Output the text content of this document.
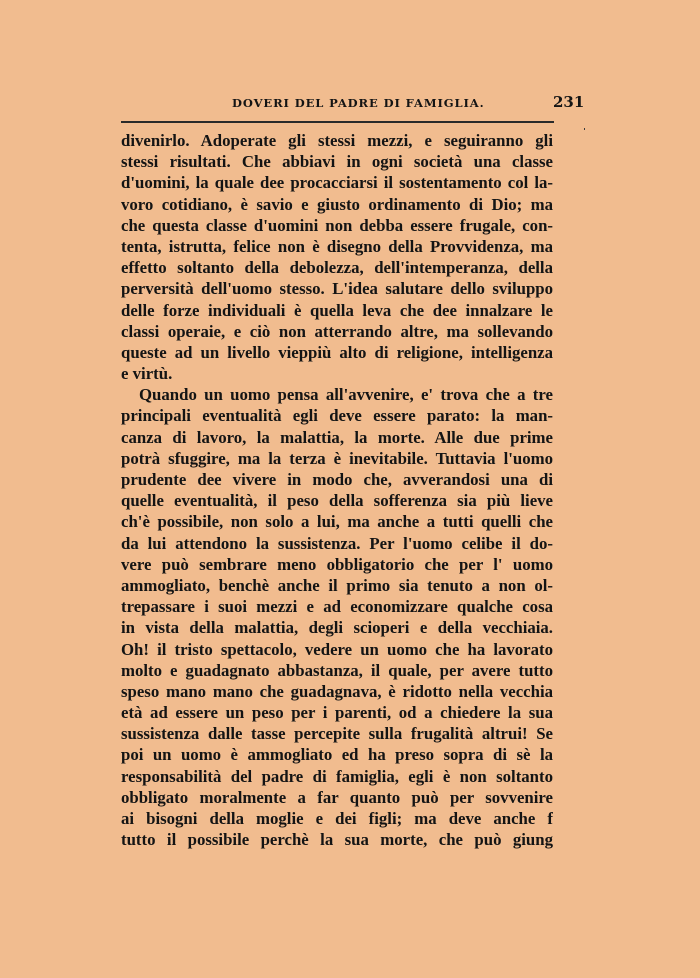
DOVERI DEL PADRE DI FAMIGLIA.	231
divenirlo. Adoperate gli stessi mezzi, e seguiranno gli
stessi risultati. Che abbiavi in ogni società una classe
d'uomini, la quale dee procacciarsi il sostentamento col la-
voro cotidiano, è savio e giusto ordinamento di Dio; ma
che questa classe d'uomini non debba essere frugale, con-
tenta, istrutta, felice non è disegno della Provvidenza, ma
effetto soltanto della debolezza, dell'intemperanza, della
perversità dell'uomo stesso. L'idea salutare dello sviluppo
delle forze individuali è quella leva che dee innalzare le
classi operaie, e ciò non atterrando altre, ma sollevando
queste ad un livello vieppiù alto di religione, intelligenza
e virtù.
Quando un uomo pensa all'avvenire, e' trova che a tre
principali eventualità egli deve essere parato: la man-
canza di lavoro, la malattia, la morte. Alle due prime
potrà sfuggire, ma la terza è inevitabile. Tuttavia l'uomo
prudente dee vivere in modo che, avverandosi una di
quelle eventualità, il peso della sofferenza sia più lieve
ch'è possibile, non solo a lui, ma anche a tutti quelli che
da lui attendono la sussistenza. Per l'uomo celibe il do-
vere può sembrare meno obbligatorio che per l' uomo
ammogliato, benchè anche il primo sia tenuto a non ol-
trepassare i suoi mezzi e ad economizzare qualche cosa
in vista della malattia, degli scioperi e della vecchiaia.
Oh! il tristo spettacolo, vedere un uomo che ha lavorato
molto e guadagnato abbastanza, il quale, per avere tutto
speso mano mano che guadagnava, è ridotto nella vecchia
età ad essere un peso per i parenti, od a chiedere la sua
sussistenza dalle tasse percepite sulla frugalità altrui! Se
poi un uomo è ammogliato ed ha preso sopra di sè la
responsabilità del padre di famiglia, egli è non soltanto
obbligato moralmente a far quanto può per sovvenire
ai bisogni della moglie e dei figli; ma deve anche f
tutto il possibile perchè la sua morte, che può giung
